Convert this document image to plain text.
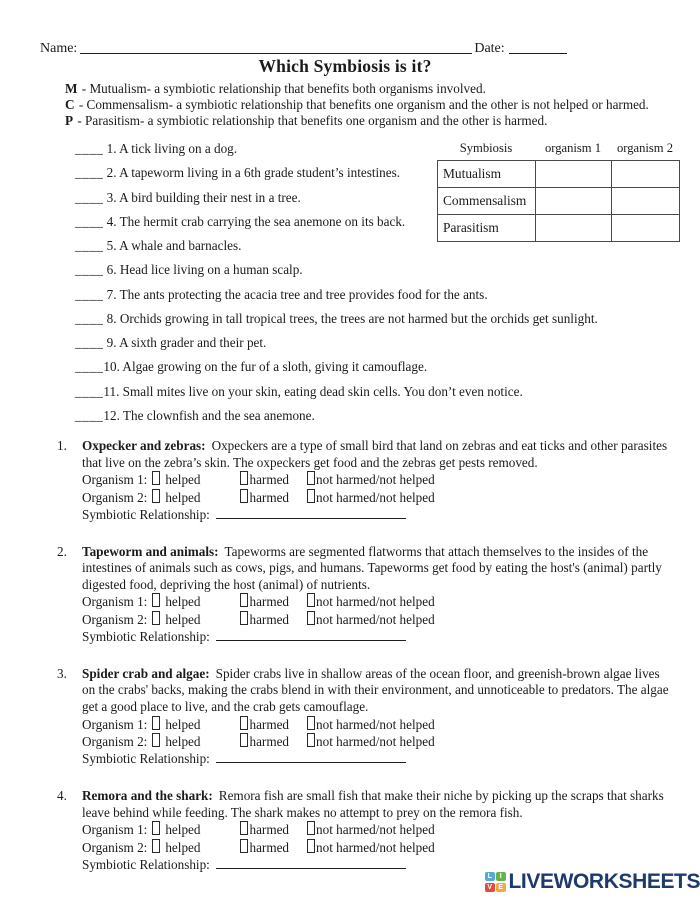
Name:	Date:
Which Symbiosis is it?
M - Mutualism- a symbiotic relationship that benefits both organisms involved.
C - Commensalism- a symbiotic relationship that benefits one organism and the other is not helped or harmed.
P - Parasitism- a symbiotic relationship that benefits one organism and the other is harmed.
____ 1. A tick living on a dog.
____ 2. A tapeworm living in a 6th grade student’s intestines.
____ 3. A bird building their nest in a tree.
____ 4. The hermit crab carrying the sea anemone on its back.
____ 5. A whale and barnacles.
____ 6. Head lice living on a human scalp.
____ 7. The ants protecting the acacia tree and tree provides food for the ants.
____ 8. Orchids growing in tall tropical trees, the trees are not harmed but the orchids get sunlight.
____ 9. A sixth grader and their pet.
____10. Algae growing on the fur of a sloth, giving it camouflage.
____11. Small mites live on your skin, eating dead skin cells. You don’t even notice.
____12. The clownfish and the sea anemone.
Symbiosis	organism 1	organism 2
Mutualism		
Commensalism		
Parasitism		
1. Oxpecker and zebras: Oxpeckers are a type of small bird that land on zebras and eat ticks and other parasites that live on the zebra’s skin. The oxpeckers get food and the zebras get pests removed.

Organism 1: helped	harmed not harmed/not helped
Organism 2: helped	harmed not harmed/not helped
Symbiotic Relationship:
2. Tapeworm and animals: Tapeworms are segmented flatworms that attach themselves to the insides of the intestines of animals such as cows, pigs, and humans. Tapeworms get food by eating the host's (animal) partly digested food, depriving the host (animal) of nutrients.

Organism 1: helped	harmed not harmed/not helped
Organism 2: helped	harmed not harmed/not helped
Symbiotic Relationship:
3. Spider crab and algae: Spider crabs live in shallow areas of the ocean floor, and greenish-brown algae lives on the crabs' backs, making the crabs blend in with their environment, and unnoticeable to predators. The algae get a good place to live, and the crab gets camouflage.

Organism 1: helped	harmed not harmed/not helped
Organism 2: helped	harmed not harmed/not helped
Symbiotic Relationship:
4. Remora and the shark: Remora fish are small fish that make their niche by picking up the scraps that sharks leave behind while feeding. The shark makes no attempt to prey on the remora fish.

Organism 1: helped	harmed not harmed/not helped
Organism 2: helped	harmed not harmed/not helped
Symbiotic Relationship:
L	I
V E LIVEWORKSHEETS
